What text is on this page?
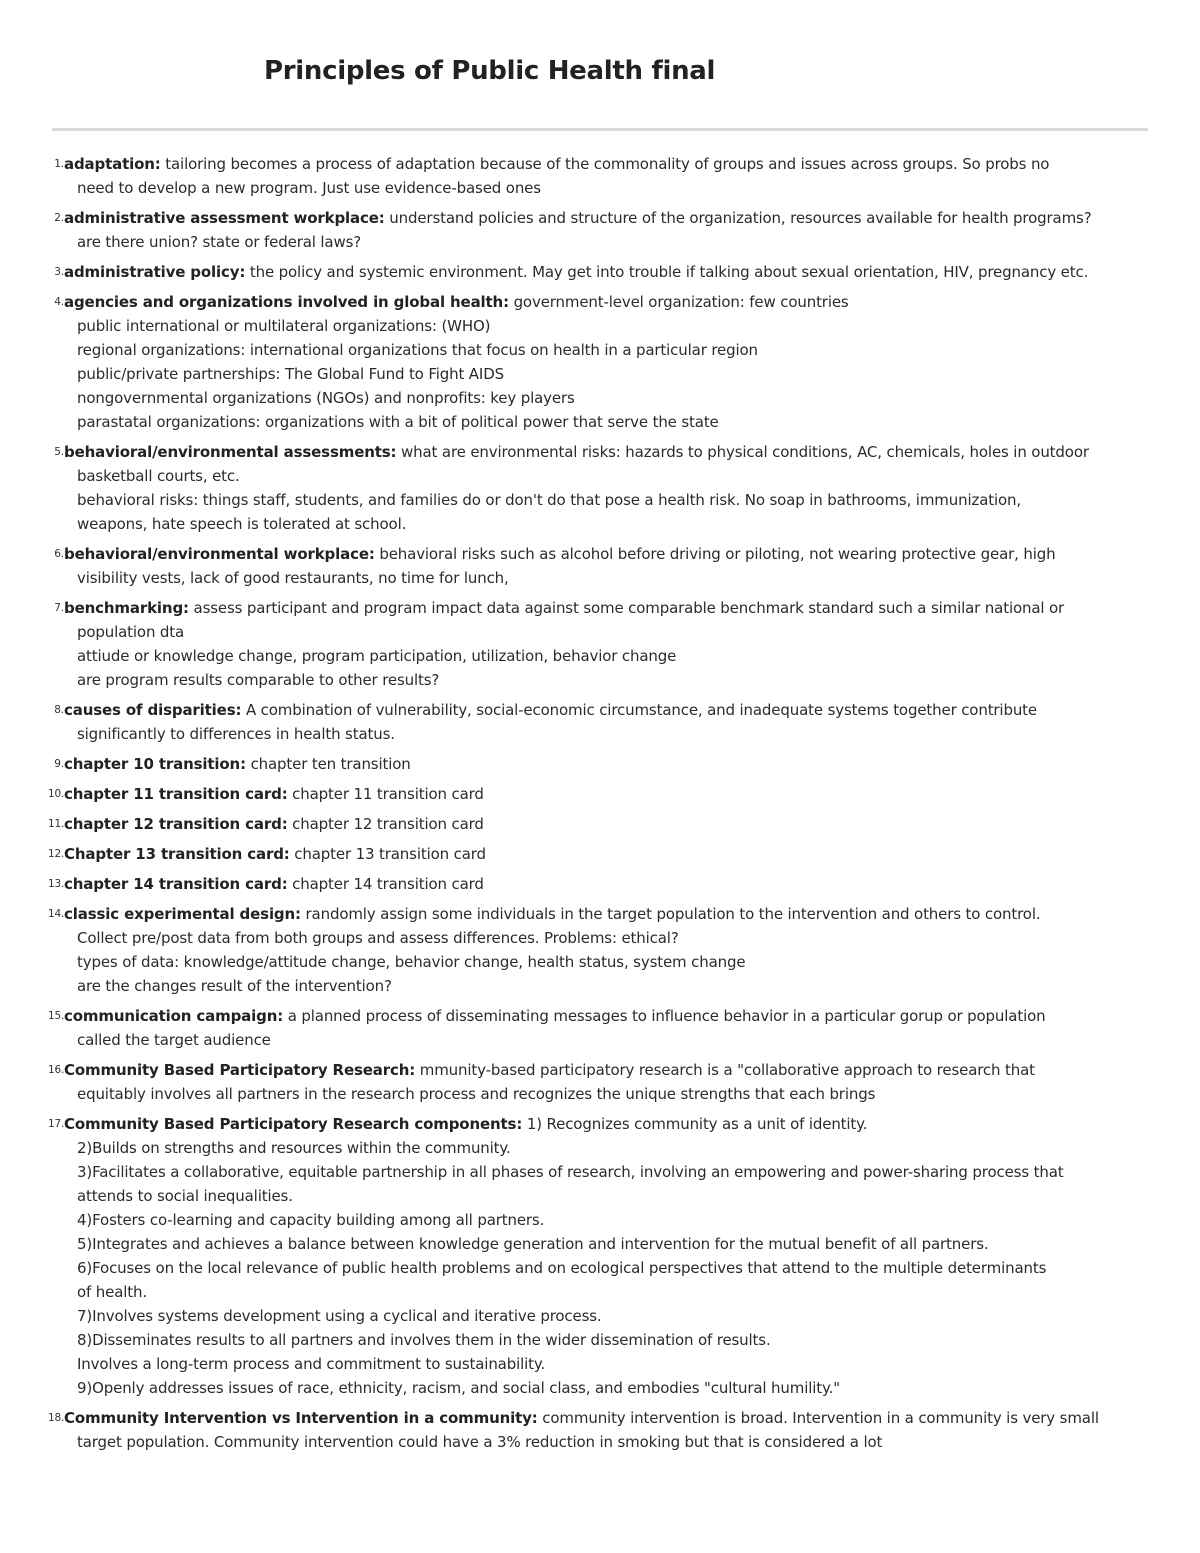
Principles of Public Health final
1. adaptation: tailoring becomes a process of adaptation because of the commonality of groups and issues across groups. So probs no
need to develop a new program. Just use evidence-based ones
2. administrative assessment workplace: understand policies and structure of the organization, resources available for health programs?
are there union? state or federal laws?
3. administrative policy: the policy and systemic environment. May get into trouble if talking about sexual orientation, HIV, pregnancy etc.
4. agencies and organizations involved in global health: government-level organization: few countries
public international or multilateral organizations: (WHO)
regional organizations: international organizations that focus on health in a particular region
public/private partnerships: The Global Fund to Fight AIDS
nongovernmental organizations (NGOs) and nonprofits: key players
parastatal organizations: organizations with a bit of political power that serve the state
5. behavioral/environmental assessments: what are environmental risks: hazards to physical conditions, AC, chemicals, holes in outdoor
basketball courts, etc.
behavioral risks: things staff, students, and families do or don't do that pose a health risk. No soap in bathrooms, immunization,
weapons, hate speech is tolerated at school.
6. behavioral/environmental workplace: behavioral risks such as alcohol before driving or piloting, not wearing protective gear, high
visibility vests, lack of good restaurants, no time for lunch,
7. benchmarking: assess participant and program impact data against some comparable benchmark standard such a similar national or
population dta
attiude or knowledge change, program participation, utilization, behavior change
are program results comparable to other results?
8. causes of disparities: A combination of vulnerability, social-economic circumstance, and inadequate systems together contribute
significantly to differences in health status.
9. chapter 10 transition: chapter ten transition
10. chapter 11 transition card: chapter 11 transition card
11. chapter 12 transition card: chapter 12 transition card
12. Chapter 13 transition card: chapter 13 transition card
13. chapter 14 transition card: chapter 14 transition card
14. classic experimental design: randomly assign some individuals in the target population to the intervention and others to control.
Collect pre/post data from both groups and assess differences. Problems: ethical?
types of data: knowledge/attitude change, behavior change, health status, system change
are the changes result of the intervention?
15. communication campaign: a planned process of disseminating messages to influence behavior in a particular gorup or population
called the target audience
16. Community Based Participatory Research: mmunity-based participatory research is a "collaborative approach to research that
equitably involves all partners in the research process and recognizes the unique strengths that each brings
17. Community Based Participatory Research components: 1) Recognizes community as a unit of identity.
2)Builds on strengths and resources within the community.
3)Facilitates a collaborative, equitable partnership in all phases of research, involving an empowering and power-sharing process that
attends to social inequalities.
4)Fosters co-learning and capacity building among all partners.
5)Integrates and achieves a balance between knowledge generation and intervention for the mutual benefit of all partners.
6)Focuses on the local relevance of public health problems and on ecological perspectives that attend to the multiple determinants
of health.
7)Involves systems development using a cyclical and iterative process.
8)Disseminates results to all partners and involves them in the wider dissemination of results.
Involves a long-term process and commitment to sustainability.
9)Openly addresses issues of race, ethnicity, racism, and social class, and embodies "cultural humility."
18. Community Intervention vs Intervention in a community: community intervention is broad. Intervention in a community is very small
target population. Community intervention could have a 3% reduction in smoking but that is considered a lot
